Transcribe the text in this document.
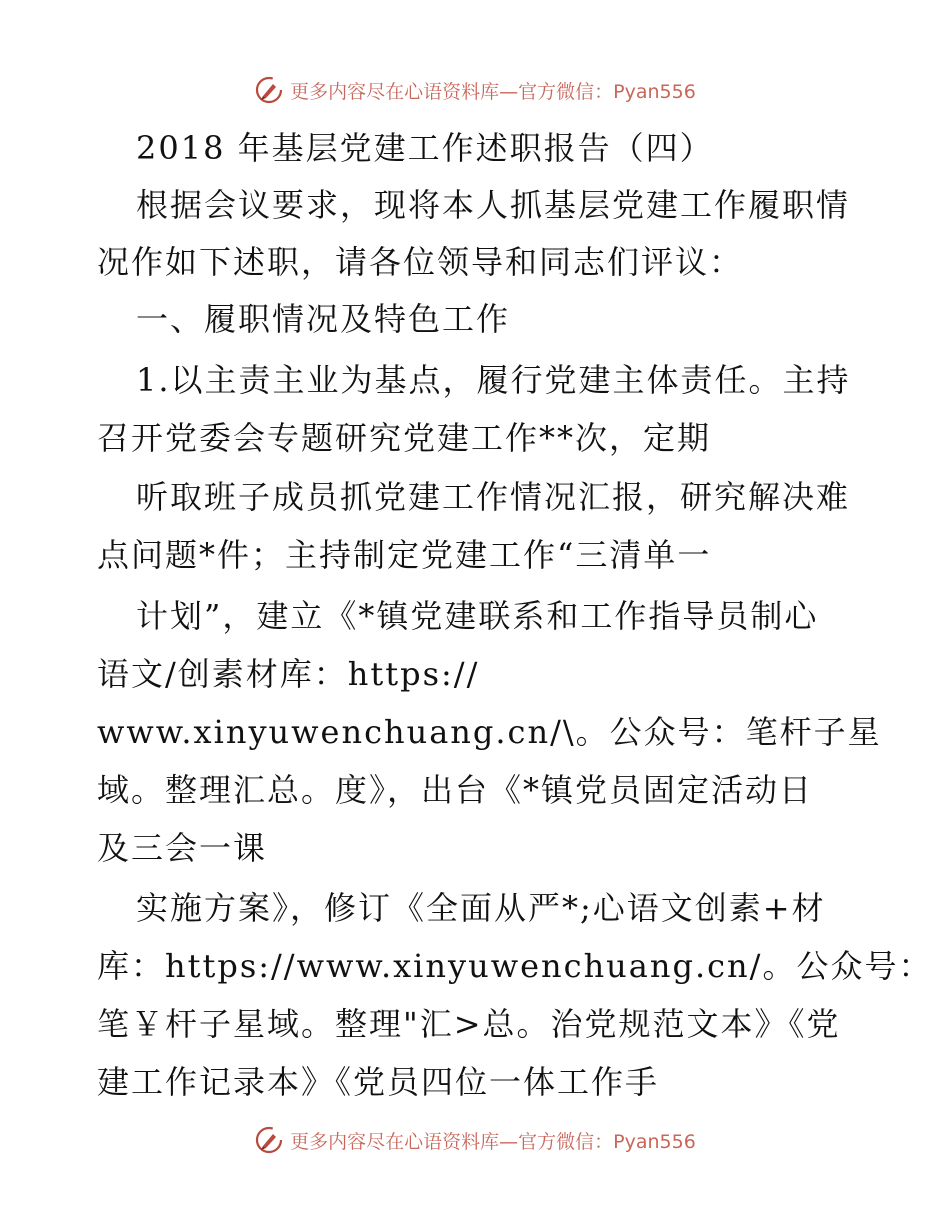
更多内容尽在心语资料库—官方微信：Pyan556
2018 年基层党建工作述职报告（四）
根据会议要求，现将本人抓基层党建工作履职情
况作如下述职，请各位领导和同志们评议：
一、履职情况及特色工作
1.以主责主业为基点，履行党建主体责任。主持
召开党委会专题研究党建工作**次，定期
听取班子成员抓党建工作情况汇报，研究解决难
点问题*件；主持制定党建工作“三清单一
计划”，建立《*镇党建联系和工作指导员制心
语文/创素材库：https://
www.xinyuwenchuang.cn/\。公众号：笔杆子星
域。整理汇总。度》，出台《*镇党员固定活动日
及三会一课
实施方案》，修订《全面从严*;心语文创素+材
库：https://www.xinyuwenchuang.cn/。公众号：
笔￥杆子星域。整理"汇>总。治党规范文本》《党
建工作记录本》《党员四位一体工作手
更多内容尽在心语资料库—官方微信：Pyan556
